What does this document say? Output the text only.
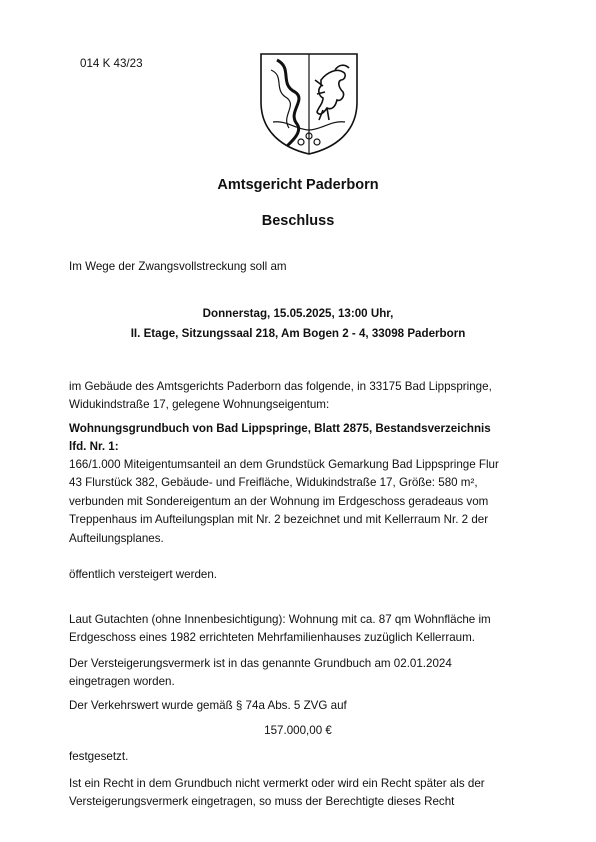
014 K 43/23
Amtsgericht Paderborn
Beschluss
Im Wege der Zwangsvollstreckung soll am
Donnerstag, 15.05.2025, 13:00 Uhr,
II. Etage, Sitzungssaal 218, Am Bogen 2 - 4, 33098 Paderborn
im Gebäude des Amtsgerichts Paderborn das folgende, in 33175 Bad Lippspringe,
Widukindstraße 17, gelegene Wohnungseigentum:
Wohnungsgrundbuch von Bad Lippspringe, Blatt 2875, Bestandsverzeichnis
lfd. Nr. 1:
166/1.000 Miteigentumsanteil an dem Grundstück Gemarkung Bad Lippspringe Flur
43 Flurstück 382, Gebäude- und Freifläche, Widukindstraße 17, Größe: 580 m²,
verbunden mit Sondereigentum an der Wohnung im Erdgeschoss geradeaus vom
Treppenhaus im Aufteilungsplan mit Nr. 2 bezeichnet und mit Kellerraum Nr. 2 der
Aufteilungsplanes.
öffentlich versteigert werden.
Laut Gutachten (ohne Innenbesichtigung): Wohnung mit ca. 87 qm Wohnfläche im
Erdgeschoss eines 1982 errichteten Mehrfamilienhauses zuzüglich Kellerraum.
Der Versteigerungsvermerk ist in das genannte Grundbuch am 02.01.2024
eingetragen worden.
Der Verkehrswert wurde gemäß § 74a Abs. 5 ZVG auf
157.000,00 €
festgesetzt.
Ist ein Recht in dem Grundbuch nicht vermerkt oder wird ein Recht später als der
Versteigerungsvermerk eingetragen, so muss der Berechtigte dieses Recht
